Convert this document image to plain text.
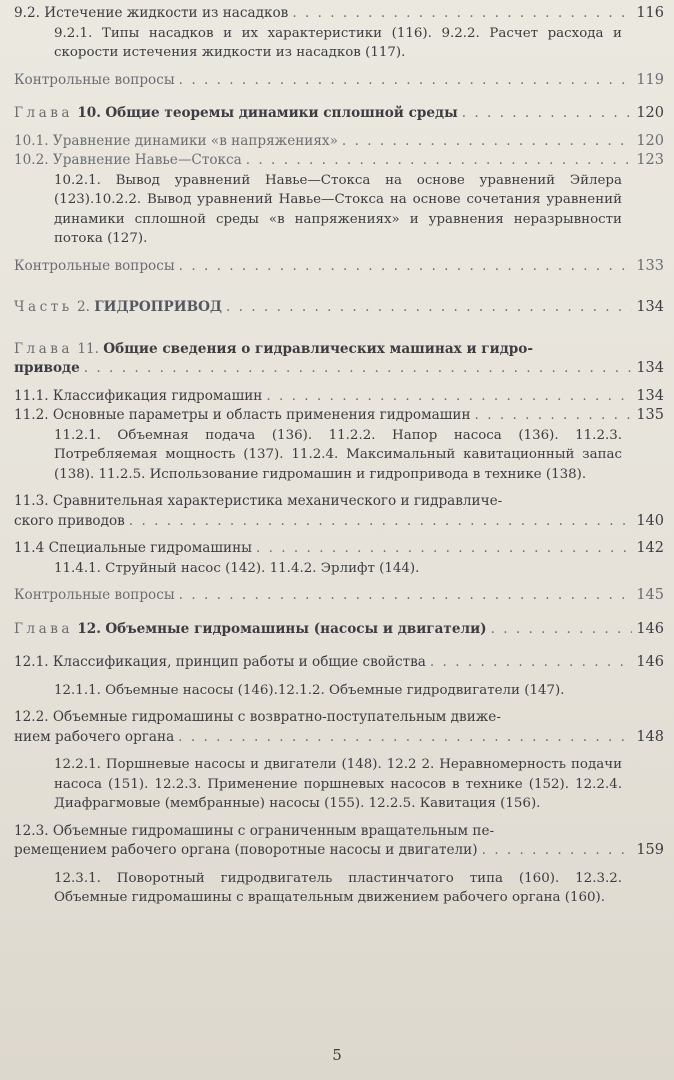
9.2. Истечение жидкости из насадков . . .	116
9.2.1. Типы насадков и их характеристики (116). 9.2.2. Расчет расхода и скорости истечения жидкости из насадков (117).
Контрольные вопросы . . .	119
Глава 10. Общие теоремы динамики сплошной среды . . .	120
10.1. Уравнение динамики «в напряжениях» . . .	120
10.2. Уравнение Навье—Стокса . . .	123
10.2.1. Вывод уравнений Навье—Стокса на основе уравнений Эйлера (123).10.2.2. Вывод уравнений Навье—Стокса на основе сочетания уравнений динамики сплошной среды «в напряжениях» и уравнения неразрывности потока (127).
Контрольные вопросы . . .	133
Часть 2. ГИДРОПРИВОД . . .	134
Глава 11. Общие сведения о гидравлических машинах и гидро-
приводе . . .	134
11.1. Классификация гидромашин . . .	134
11.2. Основные параметры и область применения гидромашин . . .	135
11.2.1. Объемная подача (136). 11.2.2. Напор насоса (136). 11.2.3. Потребляемая мощность (137). 11.2.4. Максимальный кавитационный запас (138). 11.2.5. Использование гидромашин и гидропривода в технике (138).
11.3. Сравнительная характеристика механического и гидравличе-
ского приводов . . .	140
11.4 Специальные гидромашины . . .	142
11.4.1. Струйный насос (142). 11.4.2. Эрлифт (144).
Контрольные вопросы . . .	145
Глава 12. Объемные гидромашины (насосы и двигатели) . . .	146
12.1. Классификация, принцип работы и общие свойства . . .	146
12.1.1. Объемные насосы (146).12.1.2. Объемные гидродвигатели (147).
12.2. Объемные гидромашины с возвратно-поступательным движе-
нием рабочего органа . . .	148
12.2.1. Поршневые насосы и двигатели (148). 12.2 2. Неравномерность подачи насоса (151). 12.2.3. Применение поршневых насосов в технике (152). 12.2.4. Диафрагмовые (мембранные) насосы (155). 12.2.5. Кавитация (156).
12.3. Объемные гидромашины с ограниченным вращательным пе-
ремещением рабочего органа (поворотные насосы и двигатели) . . .	159
12.3.1. Поворотный гидродвигатель пластинчатого типа (160). 12.3.2. Объемные гидромашины с вращательным движением рабочего органа (160).
5
